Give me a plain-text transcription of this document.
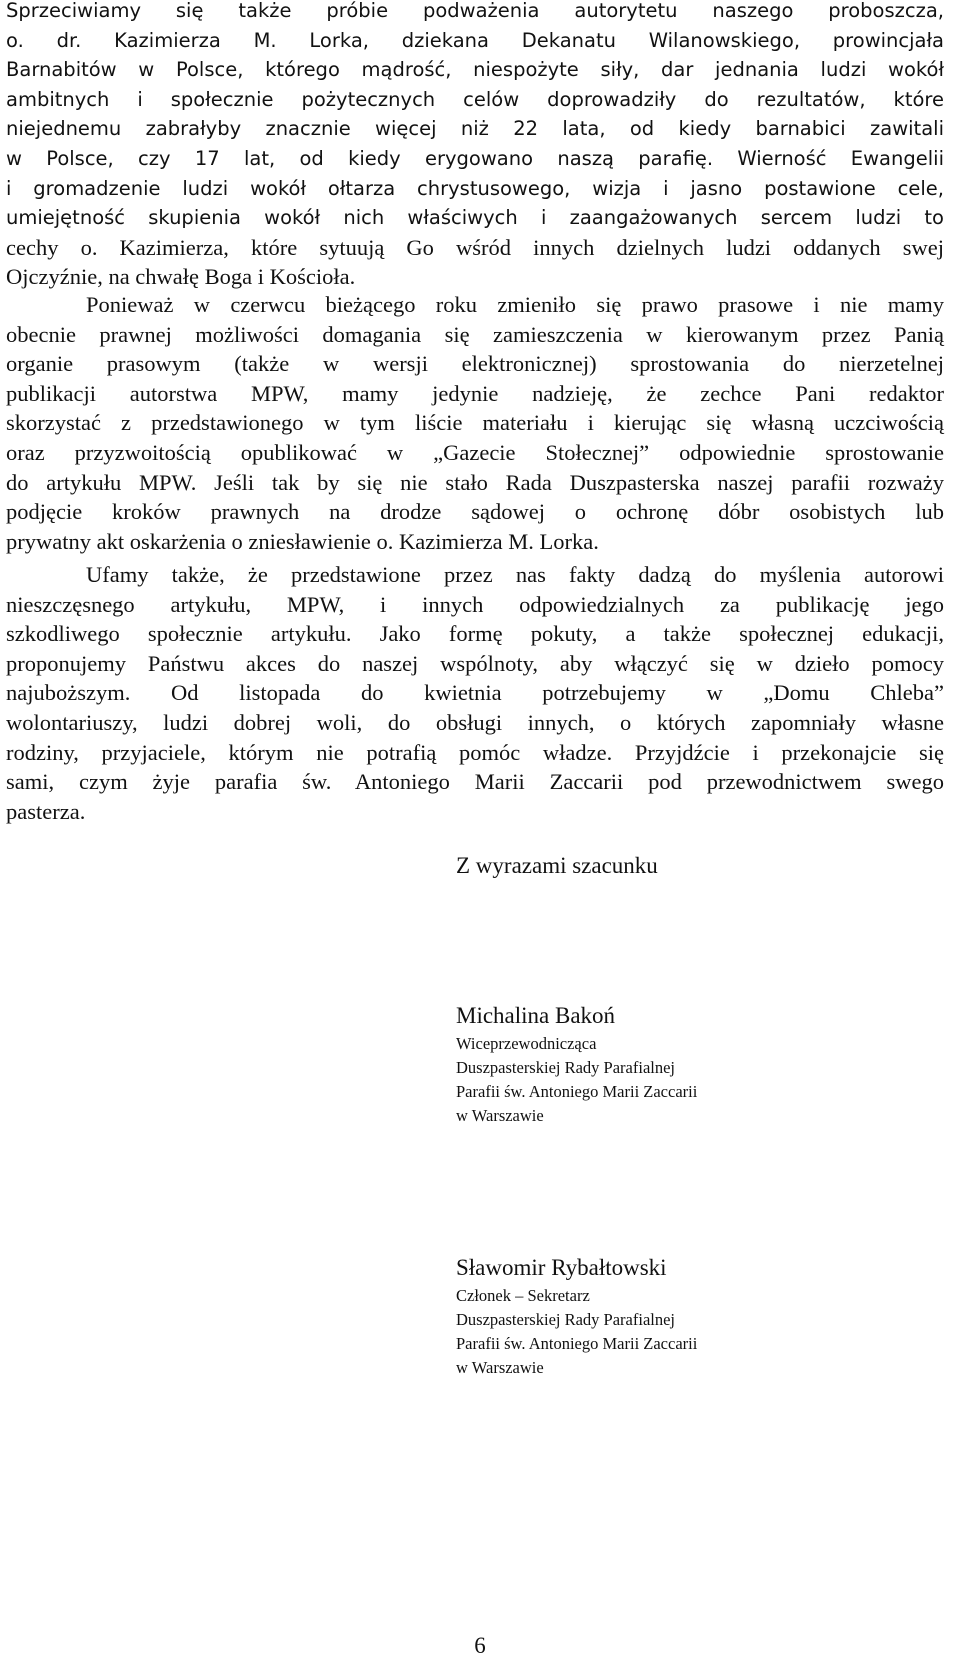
Sprzeciwiamy się także próbie podważenia autorytetu naszego proboszcza,
o. dr. Kazimierza M. Lorka, dziekana Dekanatu Wilanowskiego, prowincjała
Barnabitów w Polsce, którego mądrość, niespożyte siły, dar jednania ludzi wokół
ambitnych i społecznie pożytecznych celów doprowadziły do rezultatów, które
niejednemu zabrałyby znacznie więcej niż 22 lata, od kiedy barnabici zawitali
w Polsce, czy 17 lat, od kiedy erygowano naszą parafię. Wierność Ewangelii
i gromadzenie ludzi wokół ołtarza chrystusowego, wizja i jasno postawione cele,
umiejętność skupienia wokół nich właściwych i zaangażowanych sercem ludzi to
cechy o. Kazimierza, które sytuują Go wśród innych dzielnych ludzi oddanych swej
Ojczyźnie, na chwałę Boga i Kościoła.
Ponieważ w czerwcu bieżącego roku zmieniło się prawo prasowe i nie mamy
obecnie prawnej możliwości domagania się zamieszczenia w kierowanym przez Panią
organie prasowym (także w wersji elektronicznej) sprostowania do nierzetelnej
publikacji autorstwa MPW, mamy jedynie nadzieję, że zechce Pani redaktor
skorzystać z przedstawionego w tym liście materiału i kierując się własną uczciwością
oraz przyzwoitością opublikować w „Gazecie Stołecznej” odpowiednie sprostowanie
do artykułu MPW. Jeśli tak by się nie stało Rada Duszpasterska naszej parafii rozważy
podjęcie kroków prawnych na drodze sądowej o ochronę dóbr osobistych lub
prywatny akt oskarżenia o zniesławienie o. Kazimierza M. Lorka.
Ufamy także, że przedstawione przez nas fakty dadzą do myślenia autorowi
nieszczęsnego artykułu, MPW, i innych odpowiedzialnych za publikację jego
szkodliwego społecznie artykułu. Jako formę pokuty, a także społecznej edukacji,
proponujemy Państwu akces do naszej wspólnoty, aby włączyć się w dzieło pomocy
najuboższym. Od listopada do kwietnia potrzebujemy w „Domu Chleba”
wolontariuszy, ludzi dobrej woli, do obsługi innych, o których zapomniały własne
rodziny, przyjaciele, którym nie potrafią pomóc władze. Przyjdźcie i przekonajcie się
sami, czym żyje parafia św. Antoniego Marii Zaccarii pod przewodnictwem swego
pasterza.
Z wyrazami szacunku
Michalina Bakoń
Wiceprzewodnicząca
Duszpasterskiej Rady Parafialnej
Parafii św. Antoniego Marii Zaccarii
w Warszawie
Sławomir Rybałtowski
Członek – Sekretarz
Duszpasterskiej Rady Parafialnej
Parafii św. Antoniego Marii Zaccarii
w Warszawie
6
